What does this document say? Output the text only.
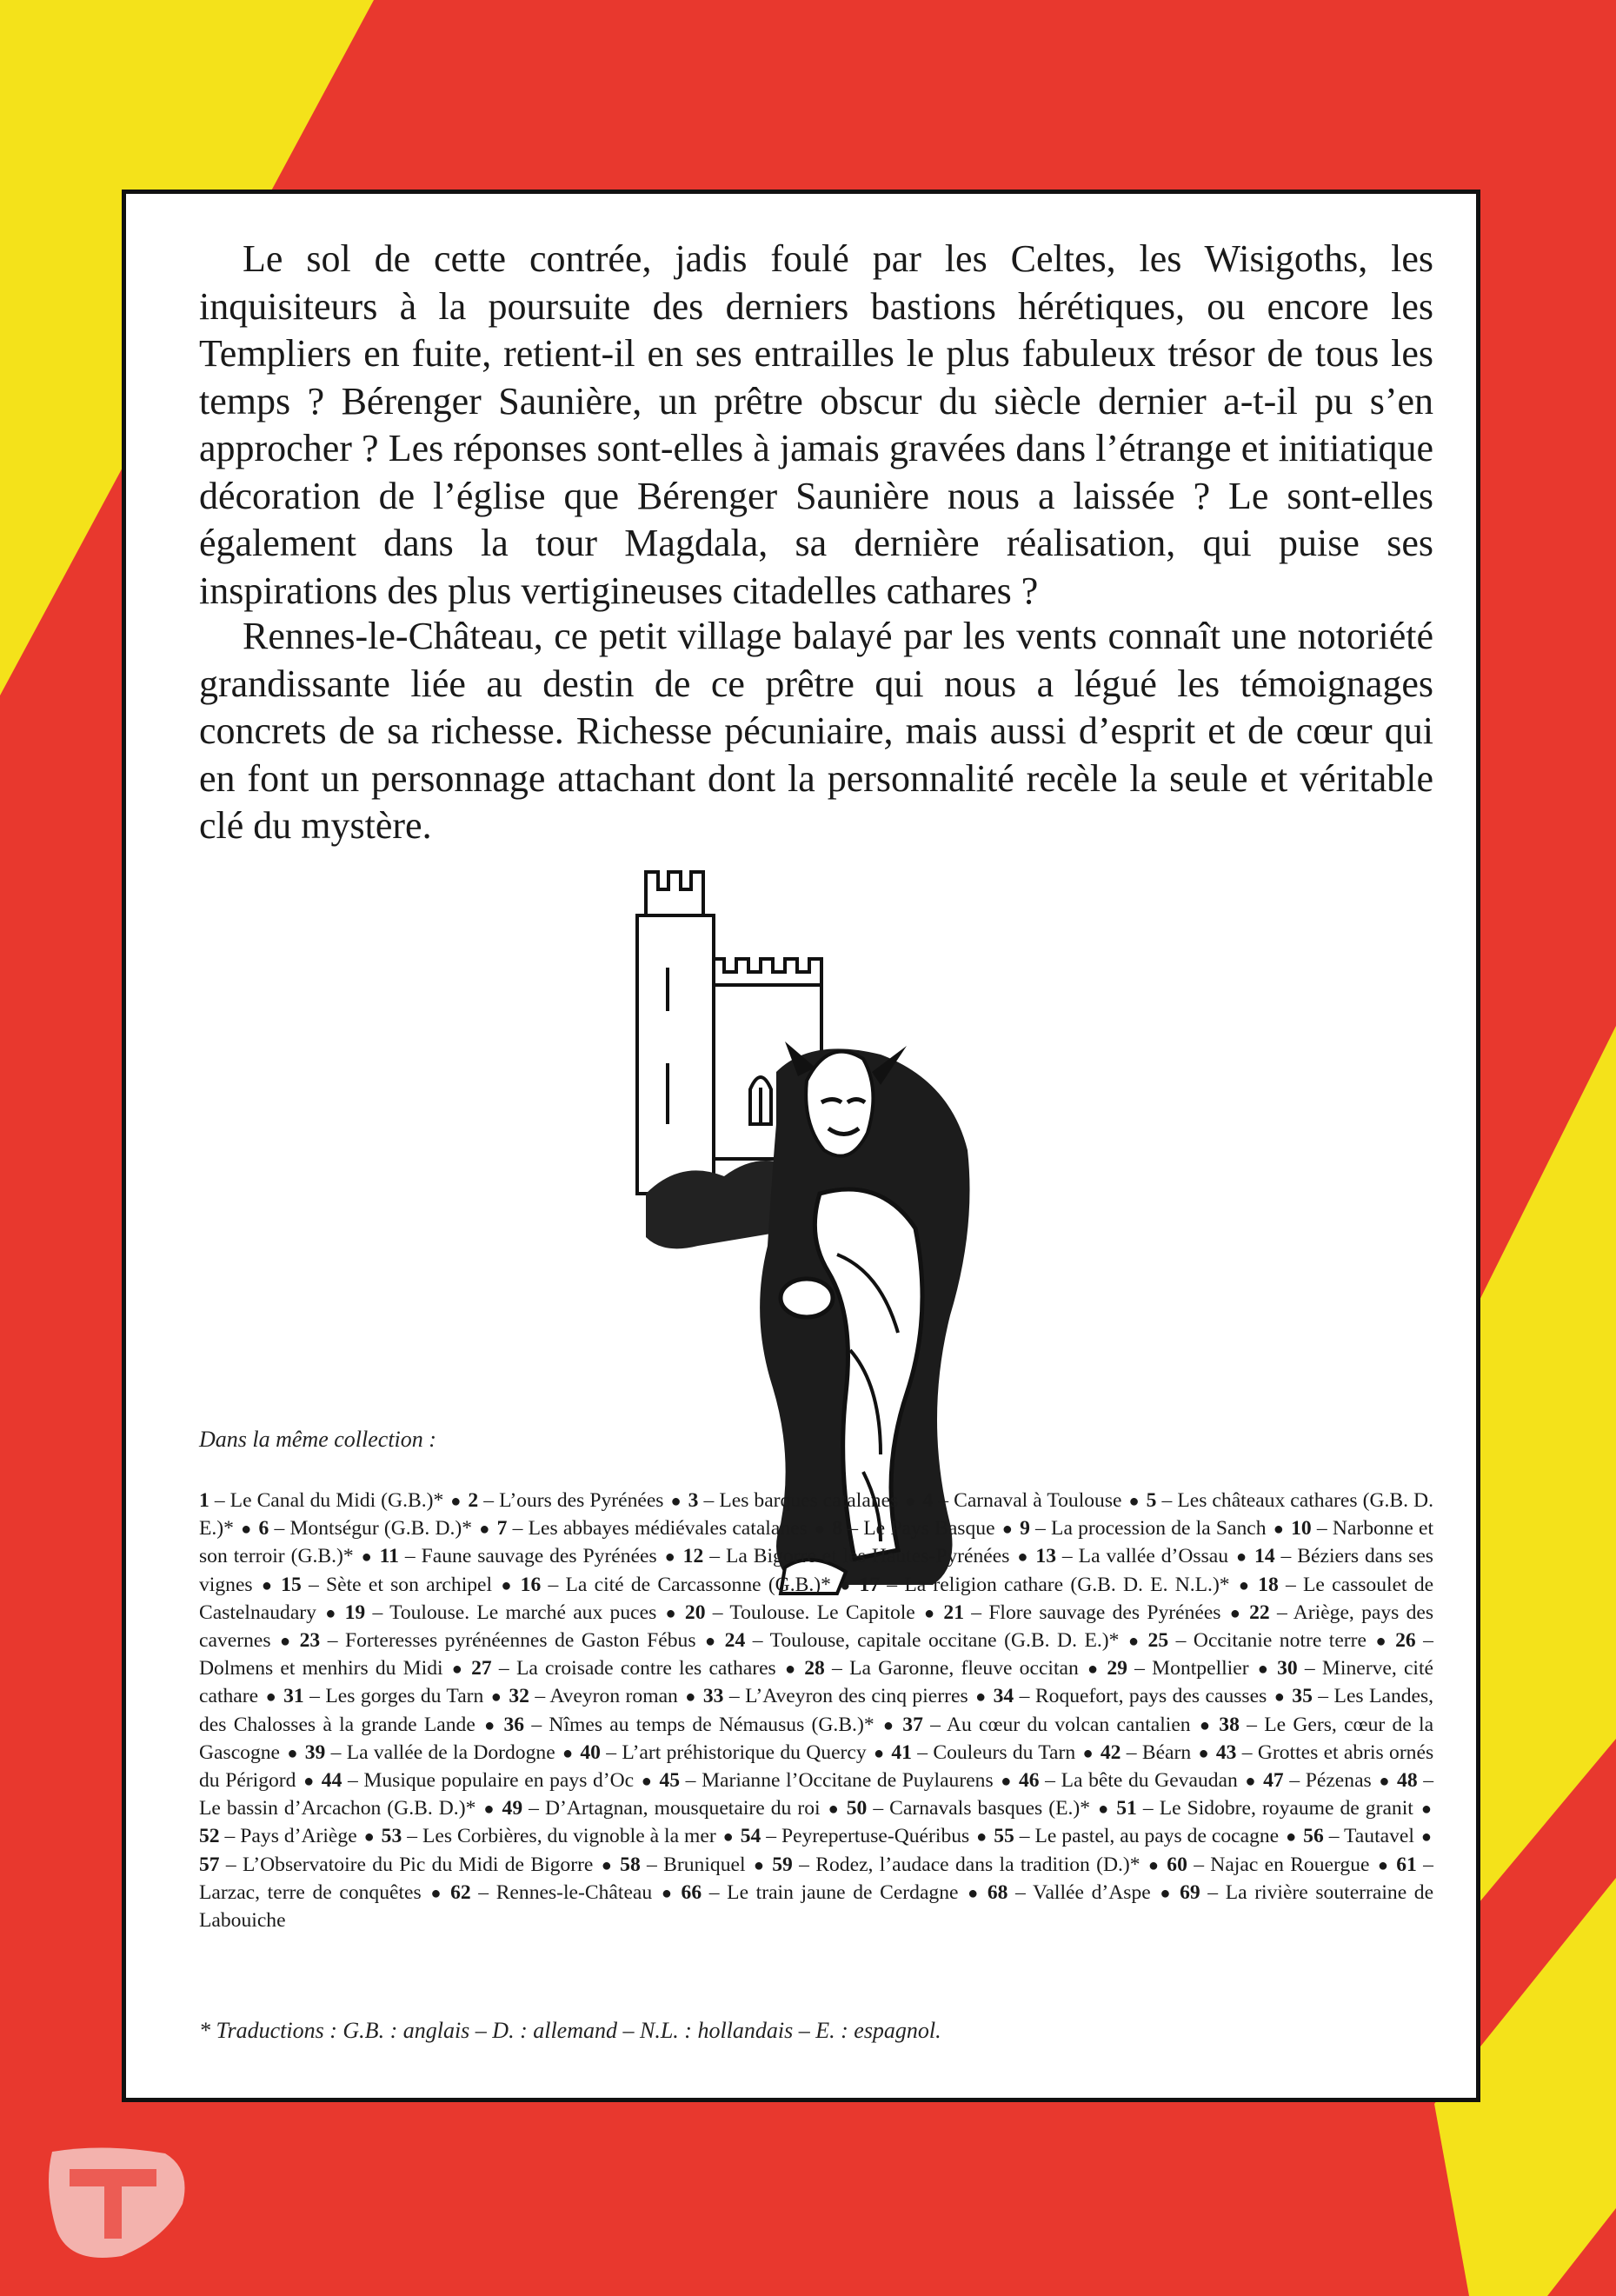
Le sol de cette contrée, jadis foulé par les Celtes, les Wisigoths, les inquisiteurs à la poursuite des derniers bastions hérétiques, ou encore les Templiers en fuite, retient-il en ses entrailles le plus fabuleux trésor de tous les temps ? Bérenger Saunière, un prêtre obscur du siècle dernier a-t-il pu s’en approcher ? Les réponses sont-elles à jamais gravées dans l’étrange et initiatique décoration de l’église que Bérenger Saunière nous a laissée ? Le sont-elles également dans la tour Magdala, sa dernière réalisation, qui puise ses inspirations des plus vertigineuses citadelles cathares ?

Rennes-le-Château, ce petit village balayé par les vents connaît une notoriété grandissante liée au destin de ce prêtre qui nous a légué les témoignages concrets de sa richesse. Richesse pécuniaire, mais aussi d’esprit et de cœur qui en font un personnage attachant dont la personnalité recèle la seule et véritable clé du mystère.

Dans la même collection :

1 – Le Canal du Midi (G.B.)* ● 2 – L’ours des Pyrénées ● 3 – Les barques catalanes ● 4 – Carnaval à Toulouse ● 5 – Les châteaux cathares (G.B. D. E.)* ● 6 – Montségur (G.B. D.)* ● 7 – Les abbayes médiévales catalanes ● 8 – Le Pays Basque ● 9 – La procession de la Sanch ● 10 – Narbonne et son terroir (G.B.)* ● 11 – Faune sauvage des Pyrénées ● 12 – La Bigorre et les Hautes-Pyrénées ● 13 – La vallée d’Ossau ● 14 – Béziers dans ses vignes ● 15 – Sète et son archipel ● 16 – La cité de Carcassonne (G.B.)* ● 17 – La religion cathare (G.B. D. E. N.L.)* ● 18 – Le cassoulet de Castelnaudary ● 19 – Toulouse. Le marché aux puces ● 20 – Toulouse. Le Capitole ● 21 – Flore sauvage des Pyrénées ● 22 – Ariège, pays des cavernes ● 23 – Forteresses pyrénéennes de Gaston Fébus ● 24 – Toulouse, capitale occitane (G.B. D. E.)* ● 25 – Occitanie notre terre ● 26 – Dolmens et menhirs du Midi ● 27 – La croisade contre les cathares ● 28 – La Garonne, fleuve occitan ● 29 – Montpellier ● 30 – Minerve, cité cathare ● 31 – Les gorges du Tarn ● 32 – Aveyron roman ● 33 – L’Aveyron des cinq pierres ● 34 – Roquefort, pays des causses ● 35 – Les Landes, des Chalosses à la grande Lande ● 36 – Nîmes au temps de Némausus (G.B.)* ● 37 – Au cœur du volcan cantalien ● 38 – Le Gers, cœur de la Gascogne ● 39 – La vallée de la Dordogne ● 40 – L’art préhistorique du Quercy ● 41 – Couleurs du Tarn ● 42 – Béarn ● 43 – Grottes et abris ornés du Périgord ● 44 – Musique populaire en pays d’Oc ● 45 – Marianne l’Occitane de Puylaurens ● 46 – La bête du Gevaudan ● 47 – Pézenas ● 48 – Le bassin d’Arcachon (G.B. D.)* ● 49 – D’Artagnan, mousquetaire du roi ● 50 – Carnavals basques (E.)* ● 51 – Le Sidobre, royaume de granit ● 52 – Pays d’Ariège ● 53 – Les Corbières, du vignoble à la mer ● 54 – Peyrepertuse-Quéribus ● 55 – Le pastel, au pays de cocagne ● 56 – Tautavel ● 57 – L’Observatoire du Pic du Midi de Bigorre ● 58 – Bruniquel ● 59 – Rodez, l’audace dans la tradition (D.)* ● 60 – Najac en Rouergue ● 61 – Larzac, terre de conquêtes ● 62 – Rennes-le-Château ● 66 – Le train jaune de Cerdagne ● 68 – Vallée d’Aspe ● 69 – La rivière souterraine de Labouiche

* Traductions : G.B. : anglais – D. : allemand – N.L. : hollandais – E. : espagnol.
